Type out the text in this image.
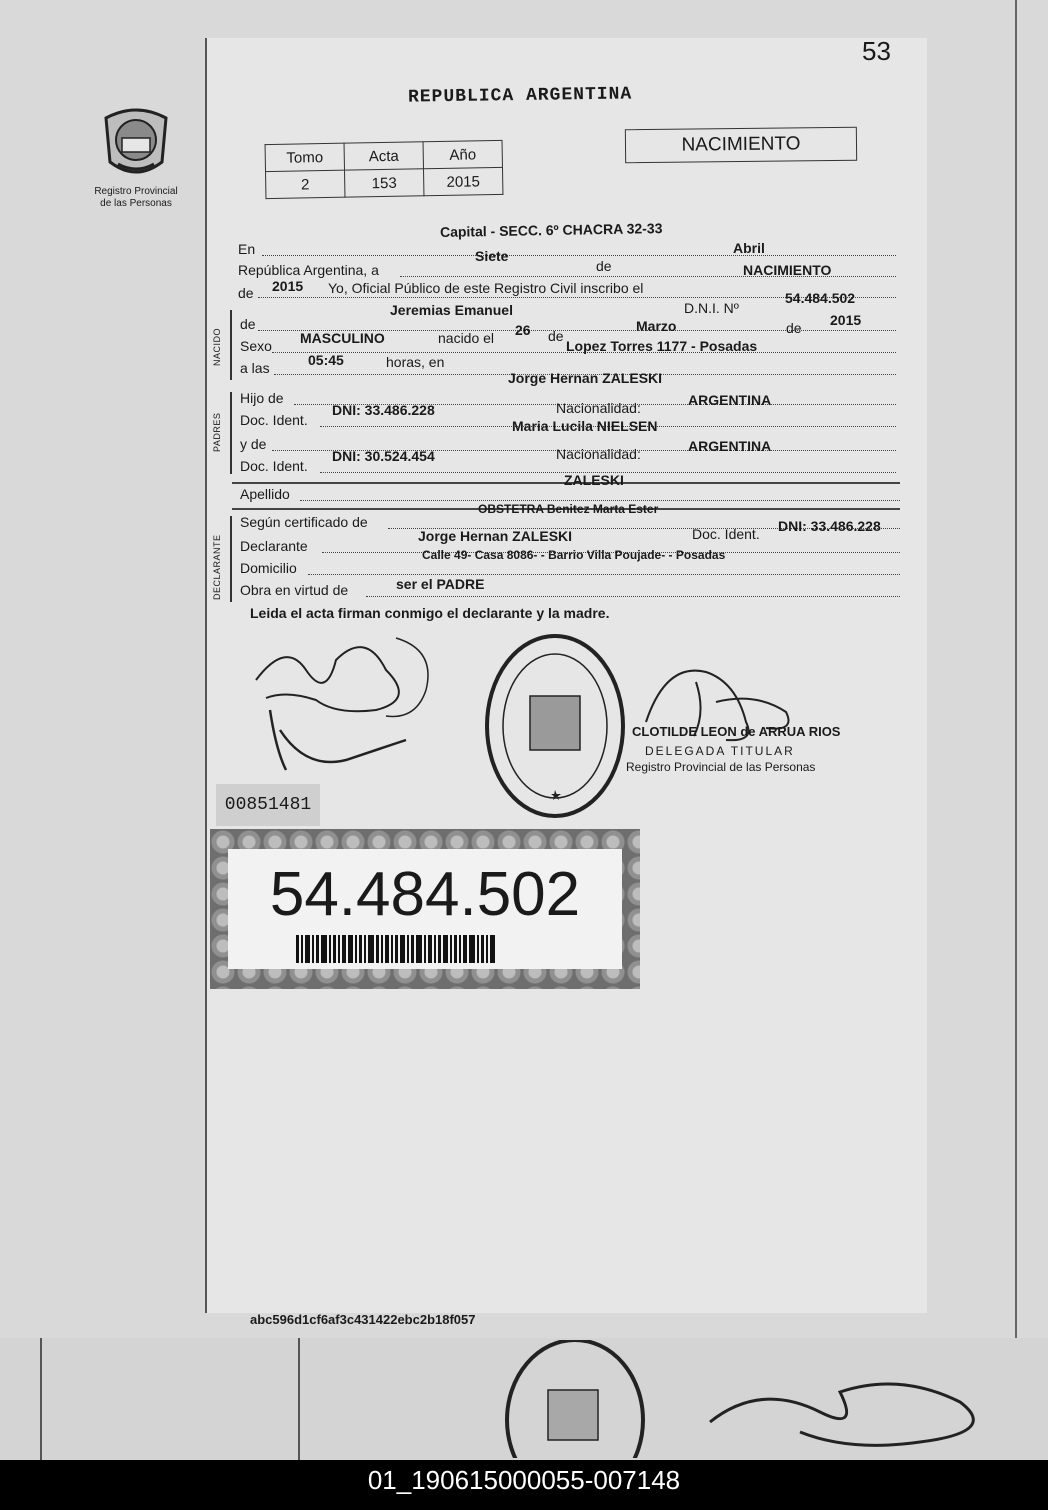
53
Registro Provincial
de las Personas
REPUBLICA ARGENTINA
Tomo	Acta	Año
2	153	2015
NACIMIENTO
En
Capital - SECC. 6º CHACRA 32-33
República Argentina, a
Siete
de
Abril
de 2015 Yo, Oficial Público de este Registro Civil inscribo el
NACIMIENTO
NACIDO
de
Jeremias Emanuel	D.N.I. Nº
54.484.502
Sexo MASCULINO	nacido el 26 de
Marzo	de 2015
a las	05:45	horas, en
Lopez Torres 1177 - Posadas
PADRES
Hijo de
Jorge Hernan ZALESKI
Doc. Ident.
DNI: 33.486.228	Nacionalidad:	ARGENTINA
y de
Maria Lucila NIELSEN
Doc. Ident.
DNI: 30.524.454	Nacionalidad:	ARGENTINA
Apellido
ZALESKI
DECLARANTE
Según certificado de
OBSTETRA Benitez Marta Ester
Declarante
Jorge Hernan ZALESKI	Doc. Ident. DNI: 33.486.228
Domicilio
Calle 49- Casa 8086- - Barrio Villa Poujade- - Posadas
Obra en virtud de	ser el PADRE
Leida el acta firman conmigo el declarante y la madre.
CLOTILDE LEON de ARRUA RIOS
DELEGADA TITULAR
Registro Provincial de las Personas
00851481
54.484.502
abc596d1cf6af3c431422ebc2b18f057
01_190615000055-007148
